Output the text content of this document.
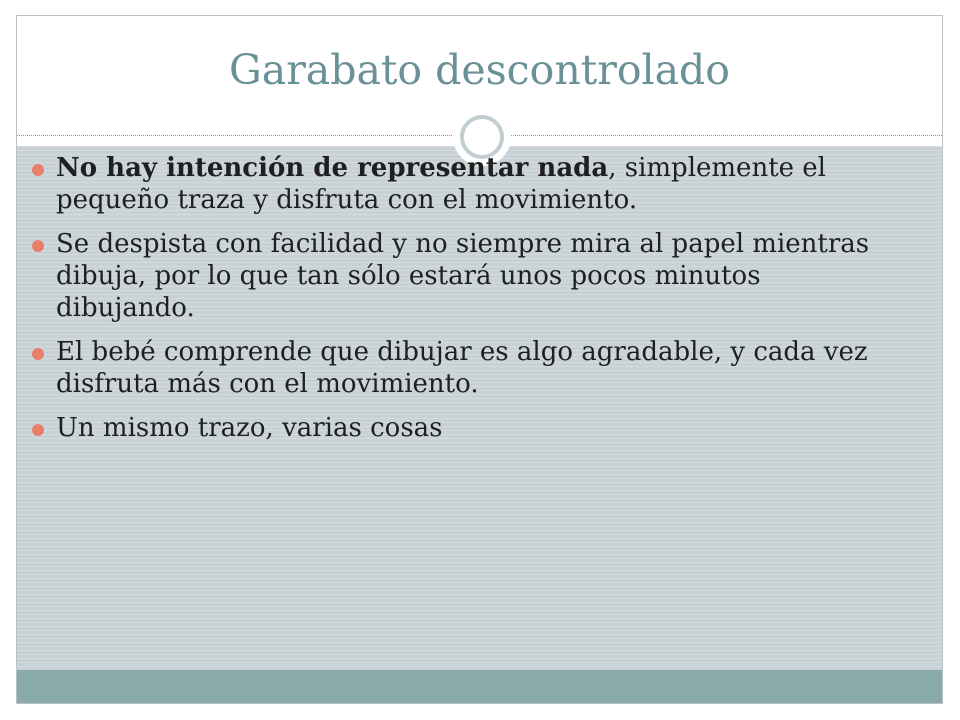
Garabato descontrolado
No hay intención de representar nada, simplemente el pequeño traza y disfruta con el movimiento.
Se despista con facilidad y no siempre mira al papel mientras dibuja, por lo que tan sólo estará unos pocos minutos dibujando.
El bebé comprende que dibujar es algo agradable, y cada vez disfruta más con el movimiento.
Un mismo trazo, varias cosas
